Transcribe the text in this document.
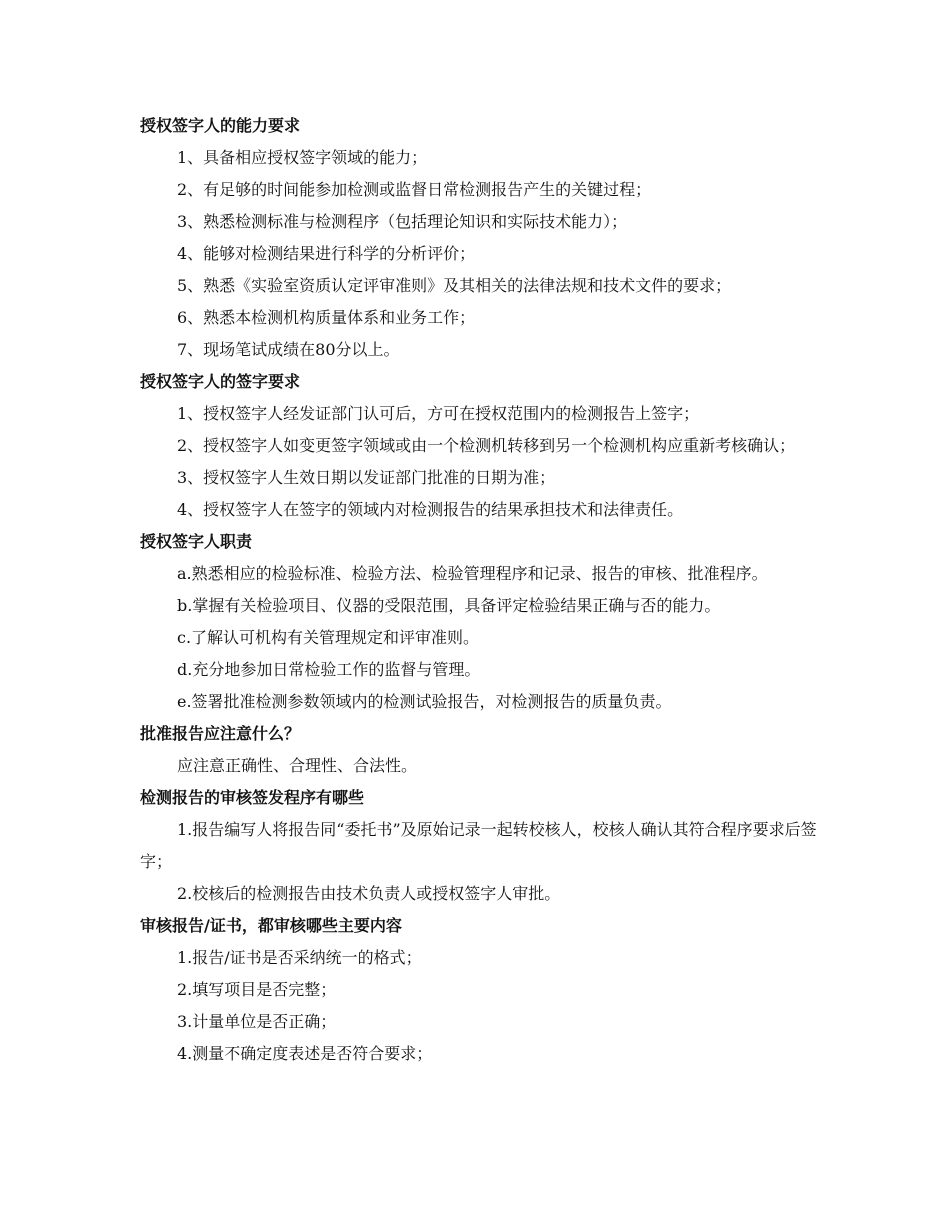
授权签字人的能力要求

1、具备相应授权签字领域的能力；

2、有足够的时间能参加检测或监督日常检测报告产生的关键过程；

3、熟悉检测标准与检测程序（包括理论知识和实际技术能力）；

4、能够对检测结果进行科学的分析评价；

5、熟悉《实验室资质认定评审准则》及其相关的法律法规和技术文件的要求；

6、熟悉本检测机构质量体系和业务工作；

7、现场笔试成绩在80分以上。

授权签字人的签字要求

1、授权签字人经发证部门认可后，方可在授权范围内的检测报告上签字；

2、授权签字人如变更签字领域或由一个检测机转移到另一个检测机构应重新考核确认；

3、授权签字人生效日期以发证部门批准的日期为准；

4、授权签字人在签字的领域内对检测报告的结果承担技术和法律责任。

授权签字人职责

a.熟悉相应的检验标准、检验方法、检验管理程序和记录、报告的审核、批准程序。

b.掌握有关检验项目、仪器的受限范围，具备评定检验结果正确与否的能力。

c.了解认可机构有关管理规定和评审准则。

d.充分地参加日常检验工作的监督与管理。

e.签署批准检测参数领域内的检测试验报告，对检测报告的质量负责。

批准报告应注意什么？

应注意正确性、合理性、合法性。

检测报告的审核签发程序有哪些

1.报告编写人将报告同“委托书”及原始记录一起转校核人，校核人确认其符合程序要求后签字；

2.校核后的检测报告由技术负责人或授权签字人审批。

审核报告/证书，都审核哪些主要内容

1.报告/证书是否采纳统一的格式；

2.填写项目是否完整；

3.计量单位是否正确；

4.测量不确定度表述是否符合要求；
